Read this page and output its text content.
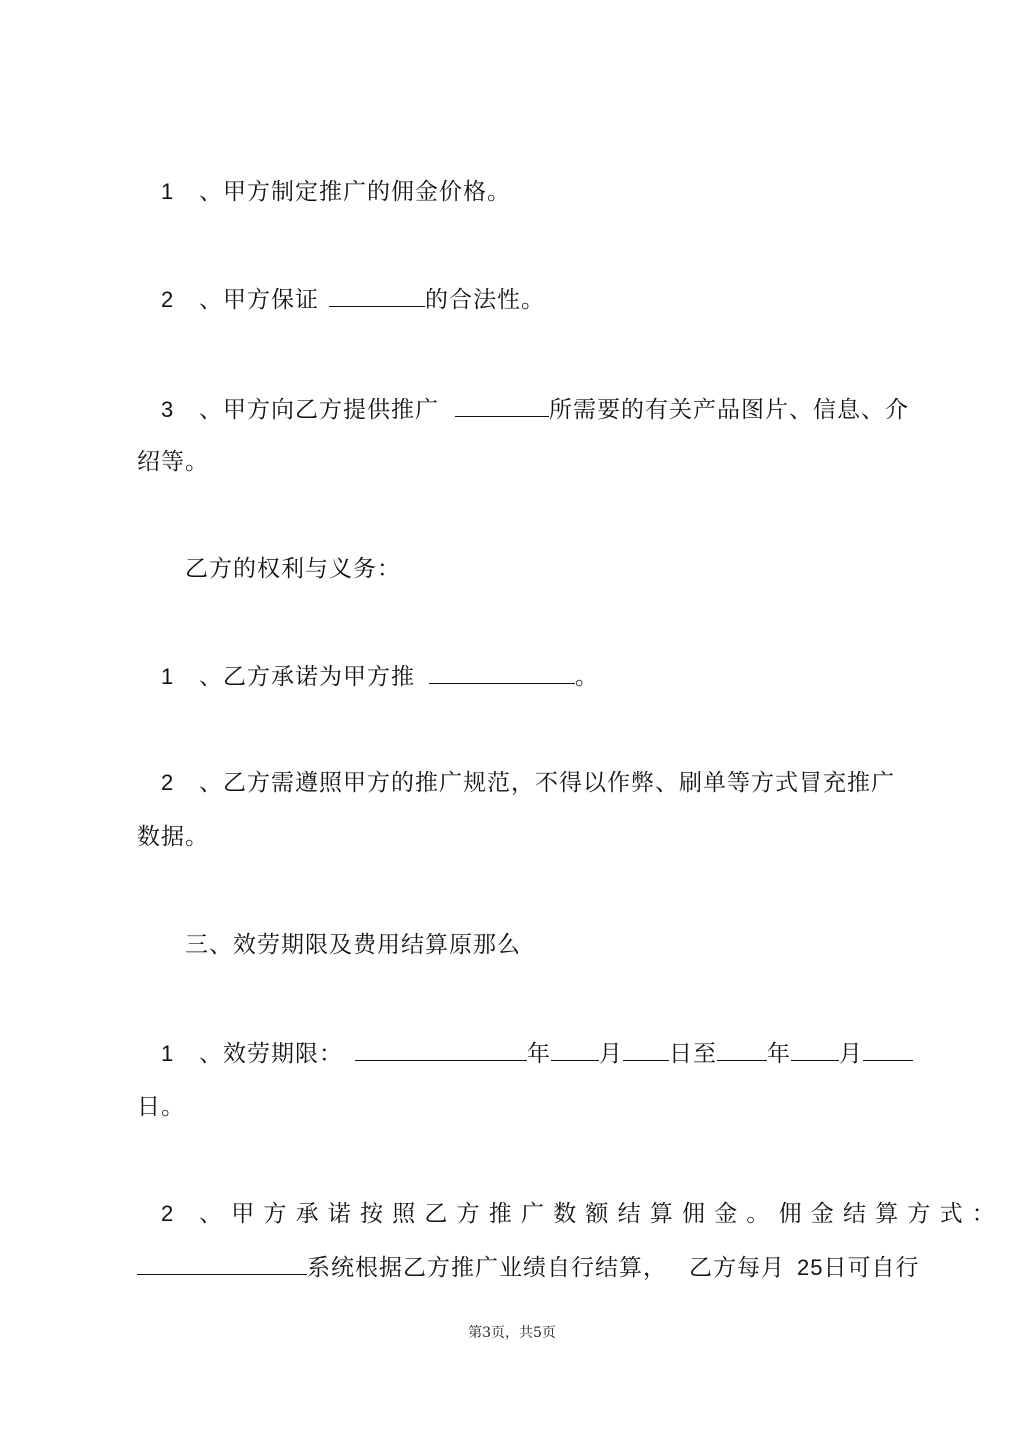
1 、甲方制定推广的佣金价格。
2 、甲方保证	的合法性。
3 、甲方向乙方提供推广	所需要的有关产品图片、信息、介
绍等。
乙方的权利与义务：
1 、乙方承诺为甲方推	。
2 、乙方需遵照甲方的推广规范，不得以作弊、刷单等方式冒充推广
数据。
三、效劳期限及费用结算原那么
1 、效劳期限：	年 月 日至 年 月
日。
2 、甲方承诺按照乙方推广数额结算佣金。佣金结算方式：
系统根据乙方推广业绩自行结算， 乙方每月 25日可自行
第3页，共5页
